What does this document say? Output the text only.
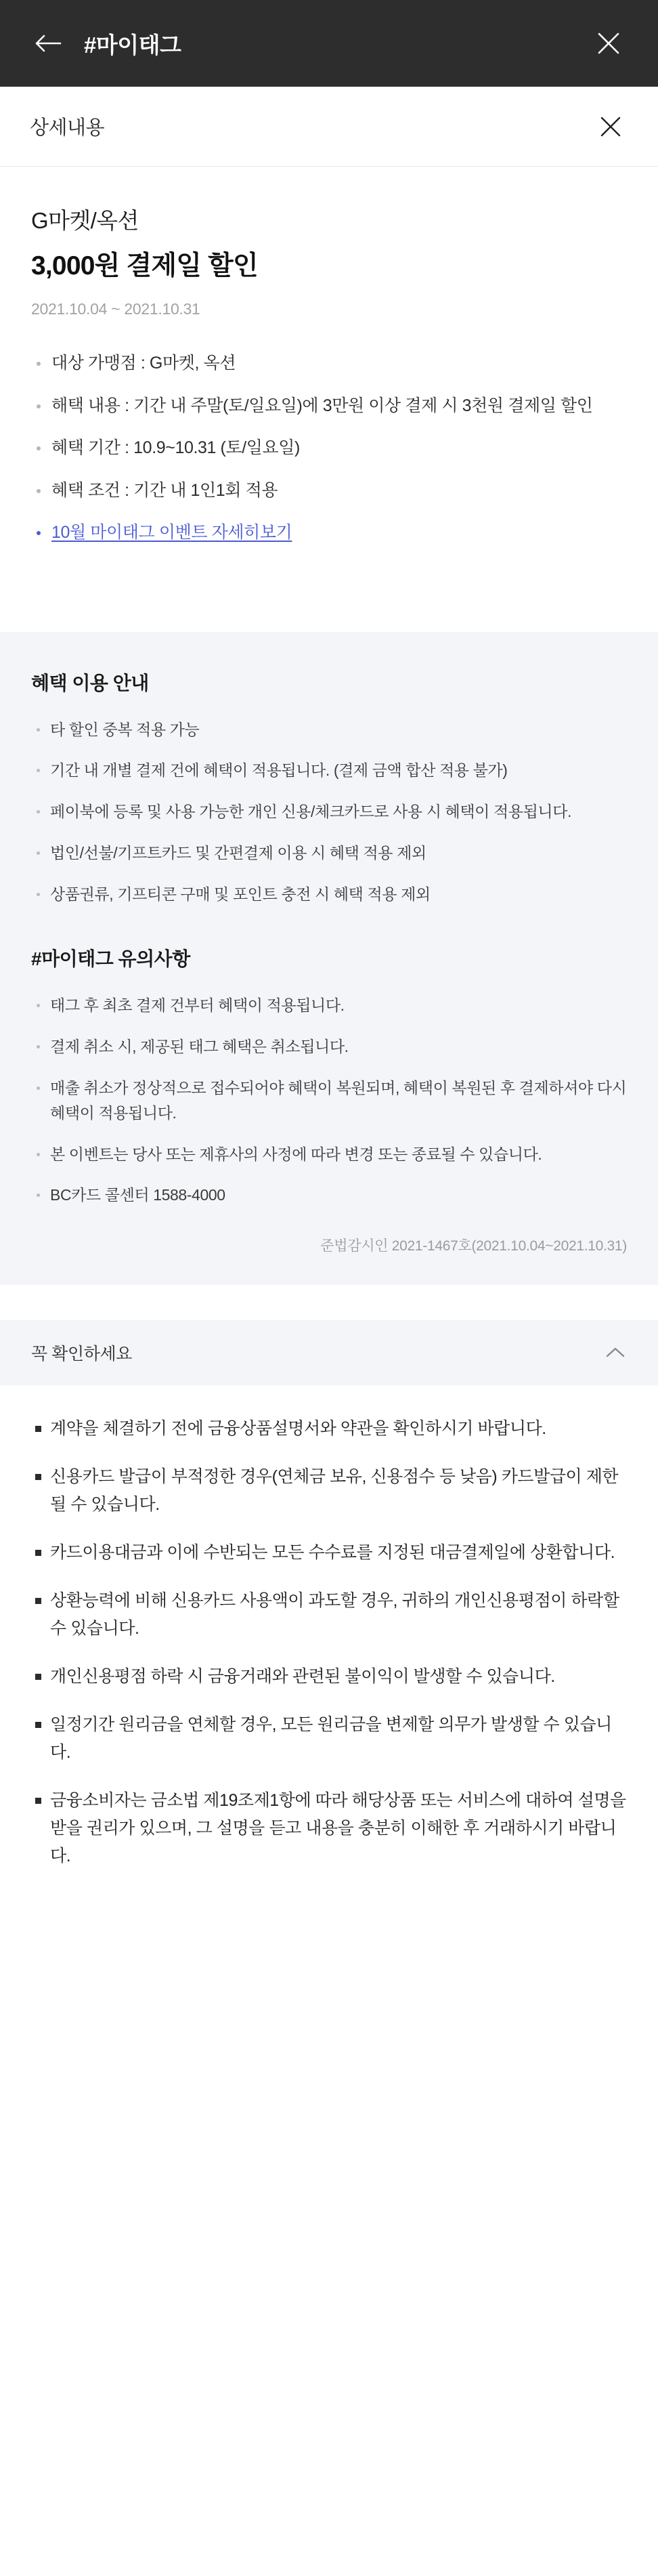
#마이태그
상세내용
G마켓/옥션
3,000원 결제일 할인
2021.10.04 ~ 2021.10.31
대상 가맹점 : G마켓, 옥션
해택 내용 : 기간 내 주말(토/일요일)에 3만원 이상 결제 시 3천원 결제일 할인
혜택 기간 : 10.9~10.31 (토/일요일)
혜택 조건 : 기간 내 1인1회 적용
10월 마이태그 이벤트 자세히보기
혜택 이용 안내
타 할인 중복 적용 가능
기간 내 개별 결제 건에 혜택이 적용됩니다. (결제 금액 합산 적용 불가)
페이북에 등록 및 사용 가능한 개인 신용/체크카드로 사용 시 혜택이 적용됩니다.
법인/선불/기프트카드 및 간편결제 이용 시 혜택 적용 제외
상품권류, 기프티콘 구매 및 포인트 충전 시 혜택 적용 제외
#마이태그 유의사항
태그 후 최초 결제 건부터 혜택이 적용됩니다.
결제 취소 시, 제공된 태그 혜택은 취소됩니다.
매출 취소가 정상적으로 접수되어야 혜택이 복원되며, 혜택이 복원된 후 결제하셔야 다시 혜택이 적용됩니다.
본 이벤트는 당사 또는 제휴사의 사정에 따라 변경 또는 종료될 수 있습니다.
BC카드 콜센터 1588-4000
준법감시인 2021-1467호(2021.10.04~2021.10.31)
꼭 확인하세요
계약을 체결하기 전에 금융상품설명서와 약관을 확인하시기 바랍니다.
신용카드 발급이 부적정한 경우(연체금 보유, 신용점수 등 낮음) 카드발급이 제한될 수 있습니다.
카드이용대금과 이에 수반되는 모든 수수료를 지정된 대금결제일에 상환합니다.
상환능력에 비해 신용카드 사용액이 과도할 경우, 귀하의 개인신용평점이 하락할 수 있습니다.
개인신용평점 하락 시 금융거래와 관련된 불이익이 발생할 수 있습니다.
일정기간 원리금을 연체할 경우, 모든 원리금을 변제할 의무가 발생할 수 있습니다.
금융소비자는 금소법 제19조제1항에 따라 해당상품 또는 서비스에 대하여 설명을 받을 권리가 있으며, 그 설명을 듣고 내용을 충분히 이해한 후 거래하시기 바랍니다.
